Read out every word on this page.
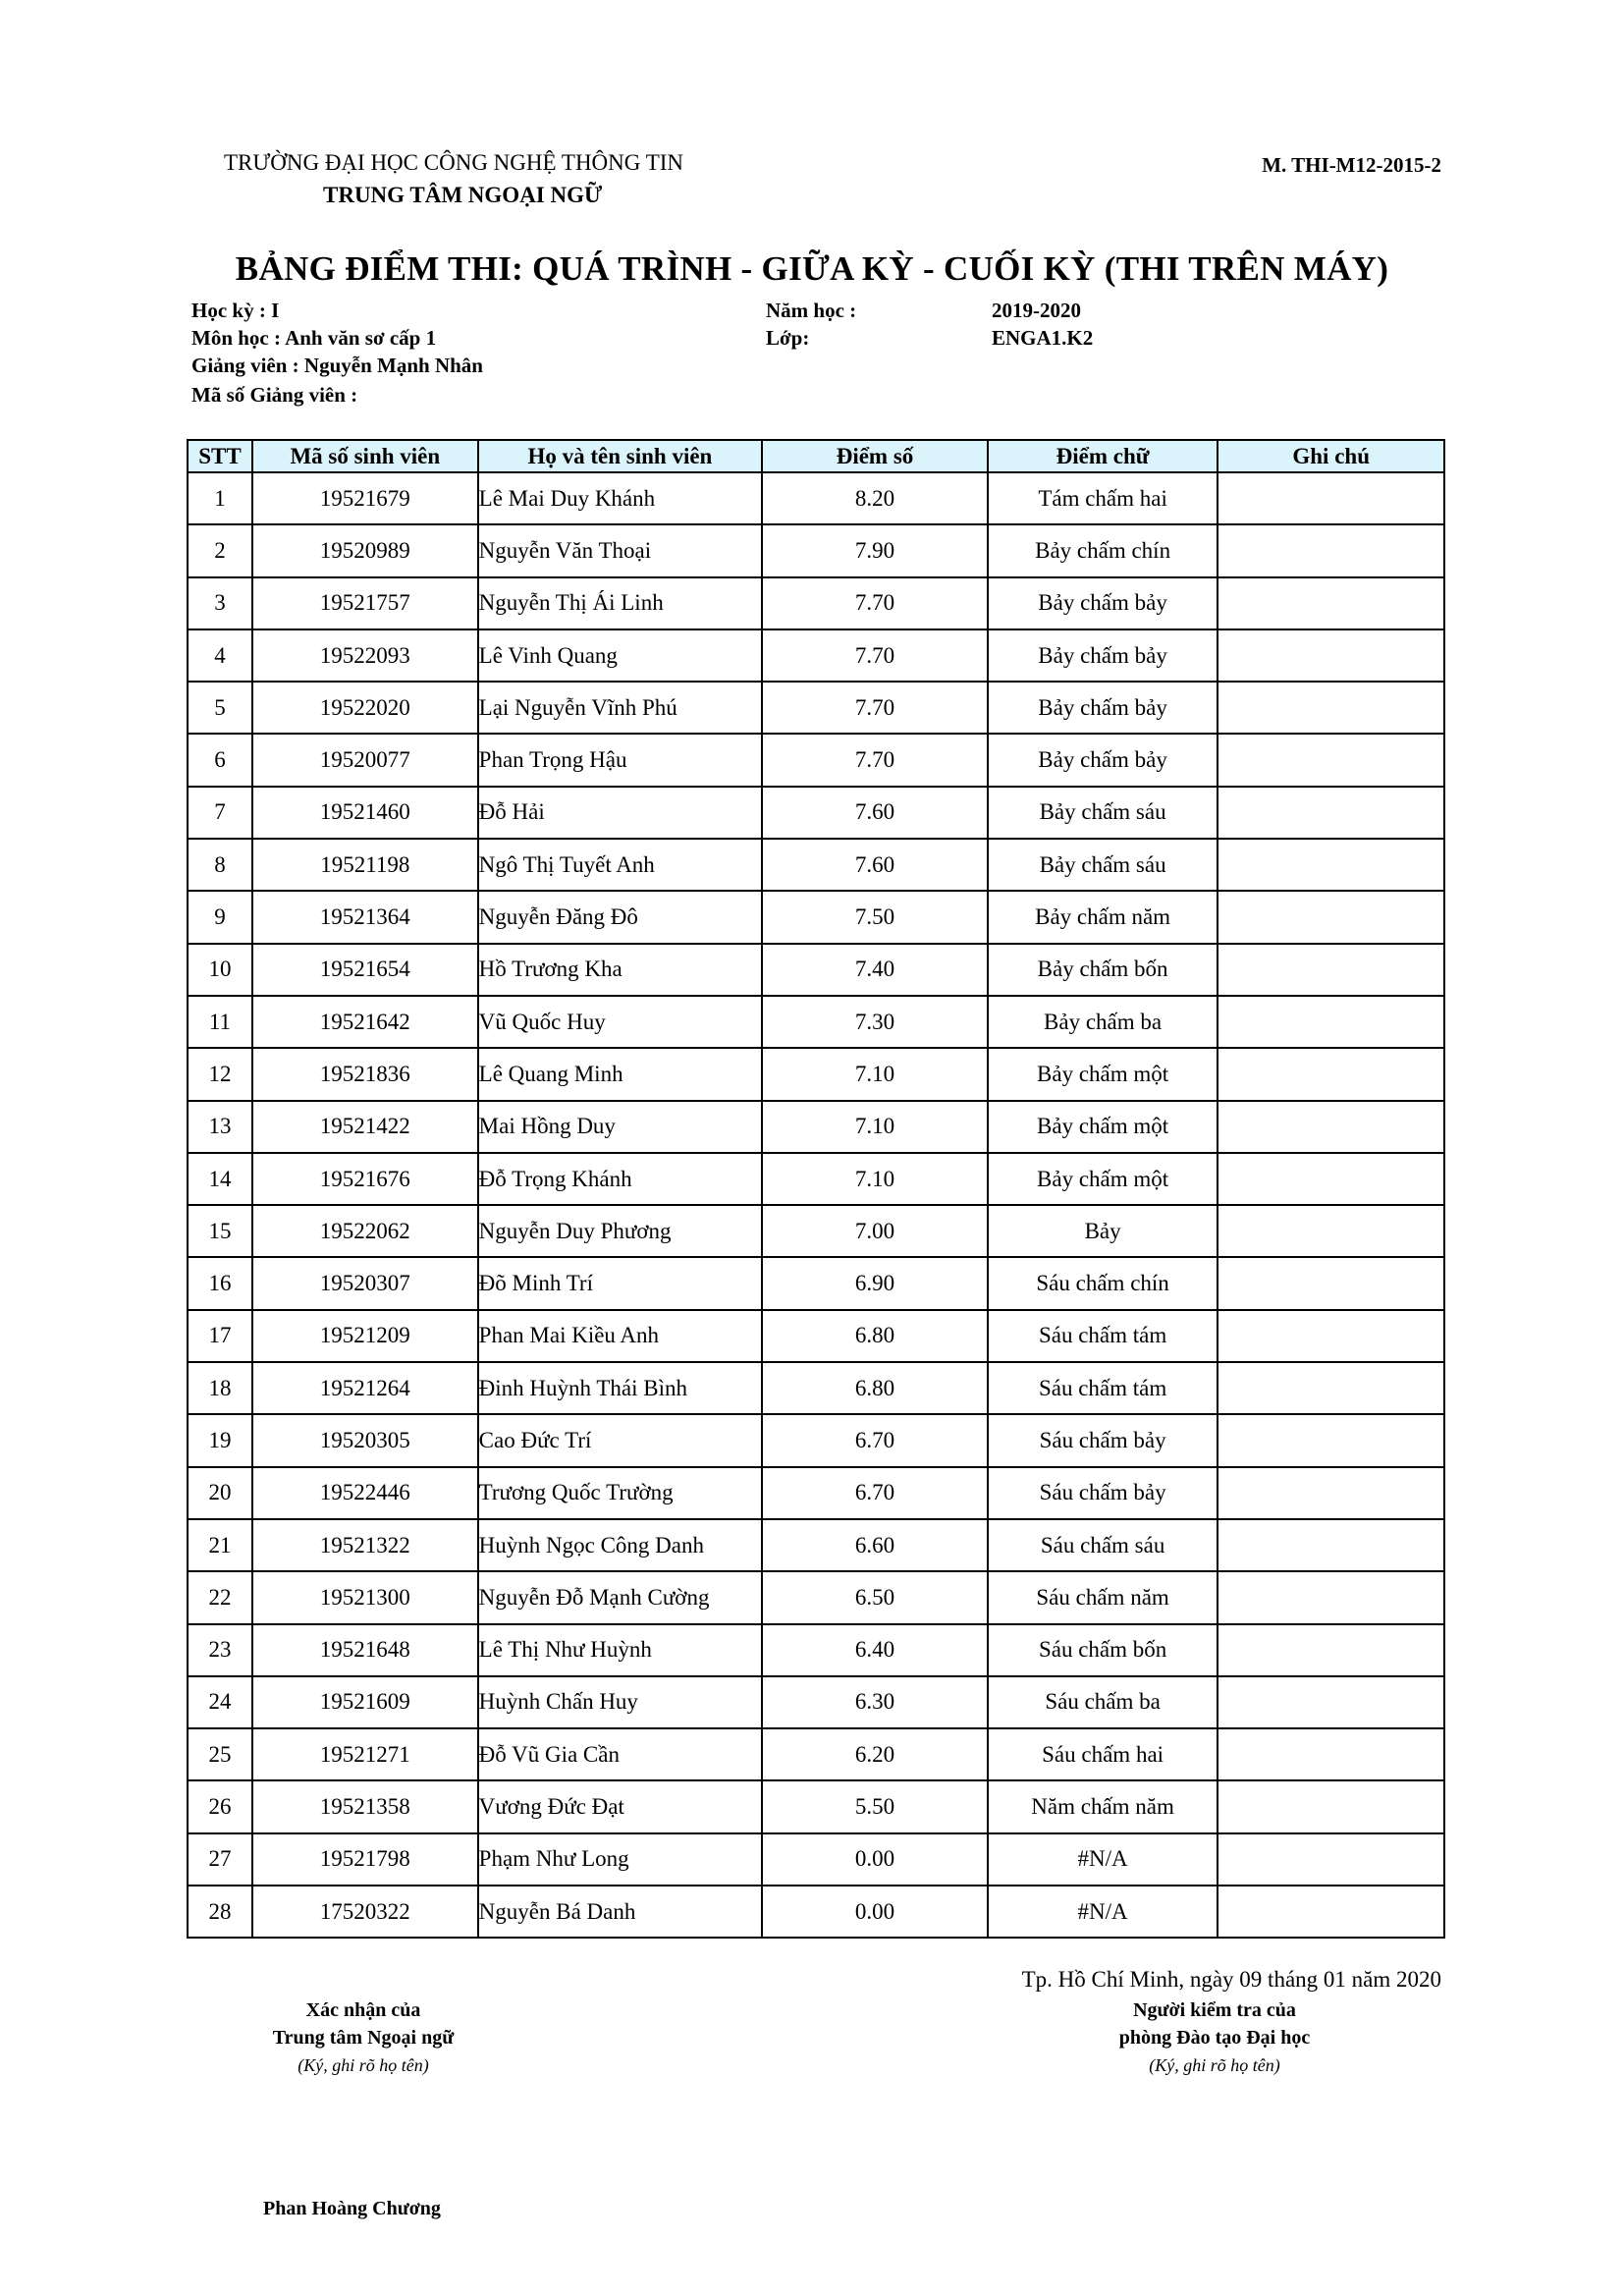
TRƯỜNG ĐẠI HỌC CÔNG NGHỆ THÔNG TIN
TRUNG TÂM NGOẠI NGỮ
M. THI-M12-2015-2
BẢNG ĐIỂM THI: QUÁ TRÌNH - GIỮA KỲ - CUỐI KỲ (THI TRÊN MÁY)
Học kỳ : I
Môn học : Anh văn sơ cấp 1
Giảng viên : Nguyễn Mạnh Nhân
Mã số Giảng viên :
Năm học :	2019-2020
Lớp:	ENGA1.K2
STT	Mã số sinh viên	Họ và tên sinh viên	Điểm số	Điểm chữ	Ghi chú
1	19521679	Lê Mai Duy Khánh	8.20	Tám chấm hai	
2	19520989	Nguyễn Văn Thoại	7.90	Bảy chấm chín	
3	19521757	Nguyễn Thị Ái Linh	7.70	Bảy chấm bảy	
4	19522093	Lê Vinh Quang	7.70	Bảy chấm bảy	
5	19522020	Lại Nguyễn Vĩnh Phú	7.70	Bảy chấm bảy	
6	19520077	Phan Trọng Hậu	7.70	Bảy chấm bảy	
7	19521460	Đỗ Hải	7.60	Bảy chấm sáu	
8	19521198	Ngô Thị Tuyết Anh	7.60	Bảy chấm sáu	
9	19521364	Nguyễn Đăng Đô	7.50	Bảy chấm năm	
10	19521654	Hồ Trương Kha	7.40	Bảy chấm bốn	
11	19521642	Vũ Quốc Huy	7.30	Bảy chấm ba	
12	19521836	Lê Quang Minh	7.10	Bảy chấm một	
13	19521422	Mai Hồng Duy	7.10	Bảy chấm một	
14	19521676	Đỗ Trọng Khánh	7.10	Bảy chấm một	
15	19522062	Nguyễn Duy Phương	7.00	Bảy	
16	19520307	Đõ Minh Trí	6.90	Sáu chấm chín	
17	19521209	Phan Mai Kiều Anh	6.80	Sáu chấm tám	
18	19521264	Đinh Huỳnh Thái Bình	6.80	Sáu chấm tám	
19	19520305	Cao Đức Trí	6.70	Sáu chấm bảy	
20	19522446	Trương Quốc Trường	6.70	Sáu chấm bảy	
21	19521322	Huỳnh Ngọc Công Danh	6.60	Sáu chấm sáu	
22	19521300	Nguyễn Đỗ Mạnh Cường	6.50	Sáu chấm năm	
23	19521648	Lê Thị Như Huỳnh	6.40	Sáu chấm bốn	
24	19521609	Huỳnh Chấn Huy	6.30	Sáu chấm ba	
25	19521271	Đỗ Vũ Gia Cần	6.20	Sáu chấm hai	
26	19521358	Vương Đức Đạt	5.50	Năm chấm năm	
27	19521798	Phạm Như Long	0.00	#N/A	
28	17520322	Nguyễn Bá Danh	0.00	#N/A	
Tp. Hồ Chí Minh, ngày 09 tháng 01 năm 2020
Xác nhận của
Trung tâm Ngoại ngữ
(Ký, ghi rõ họ tên)
Phan Hoàng Chương
Người kiểm tra của
phòng Đào tạo Đại học
(Ký, ghi rõ họ tên)
